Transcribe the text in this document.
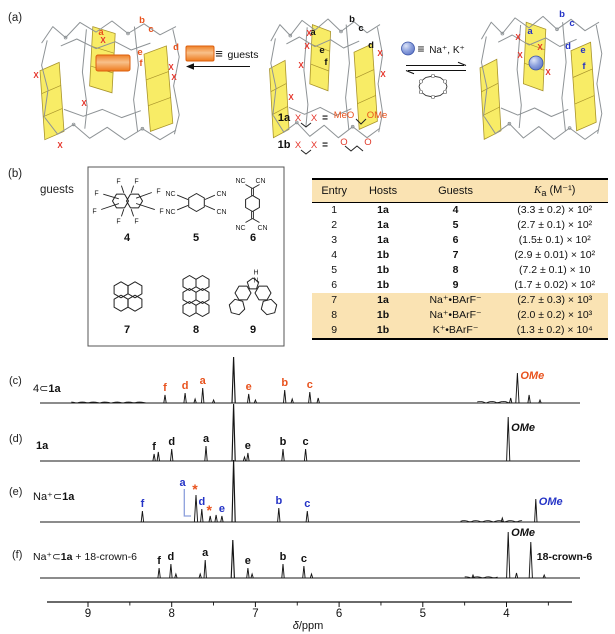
X
X
X
X
X
X
a
b
c
d
e
f
X
X
X
X
X
X
a
b
c
d
e
f
X
X
X
X
a
b
c
d e
f
≡ guests	≡ Na⁺, K⁺
O
O
O
O
O
O
1a X X = MeO OMe
1b X X = O O
F
F F
F
F
F
F
F
4
NC	CN
NC	CN
5
NC CN
NC CN
6
7	8
H
N
9
f d a	e	b c
OMe
f d	a
e	b c
OMe
f
*
d * e
b c	OMe
a
f d	a
e	b c
OMe
18-crown-6
9	8	7	6	5	4
δ/ppm
(a)
(b)
guests	Entry	Hosts	Guests	$K_a$ (M⁻¹)
1	1a	4	(3.3 ± 0.2) × 10²
2	1a	5	(2.7 ± 0.1) × 10²
3	1a	6	(1.5± 0.1) × 10²
4	1b	7	(2.9 ± 0.01) × 10²
5	1b	8	(7.2 ± 0.1) × 10
6	1b	9	(1.7 ± 0.02) × 10²
7	1a	Na⁺•BArF⁻	(2.7 ± 0.3) × 10³
8	1b	Na⁺•BArF⁻	(2.0 ± 0.2) × 10³
9	1b	K⁺•BArF⁻	(1.3 ± 0.2) × 10⁴
(c)
4⊂1a
(d)
1a
(e) Na⁺⊂1a
(f) Na⁺⊂1a + 18-crown-6
